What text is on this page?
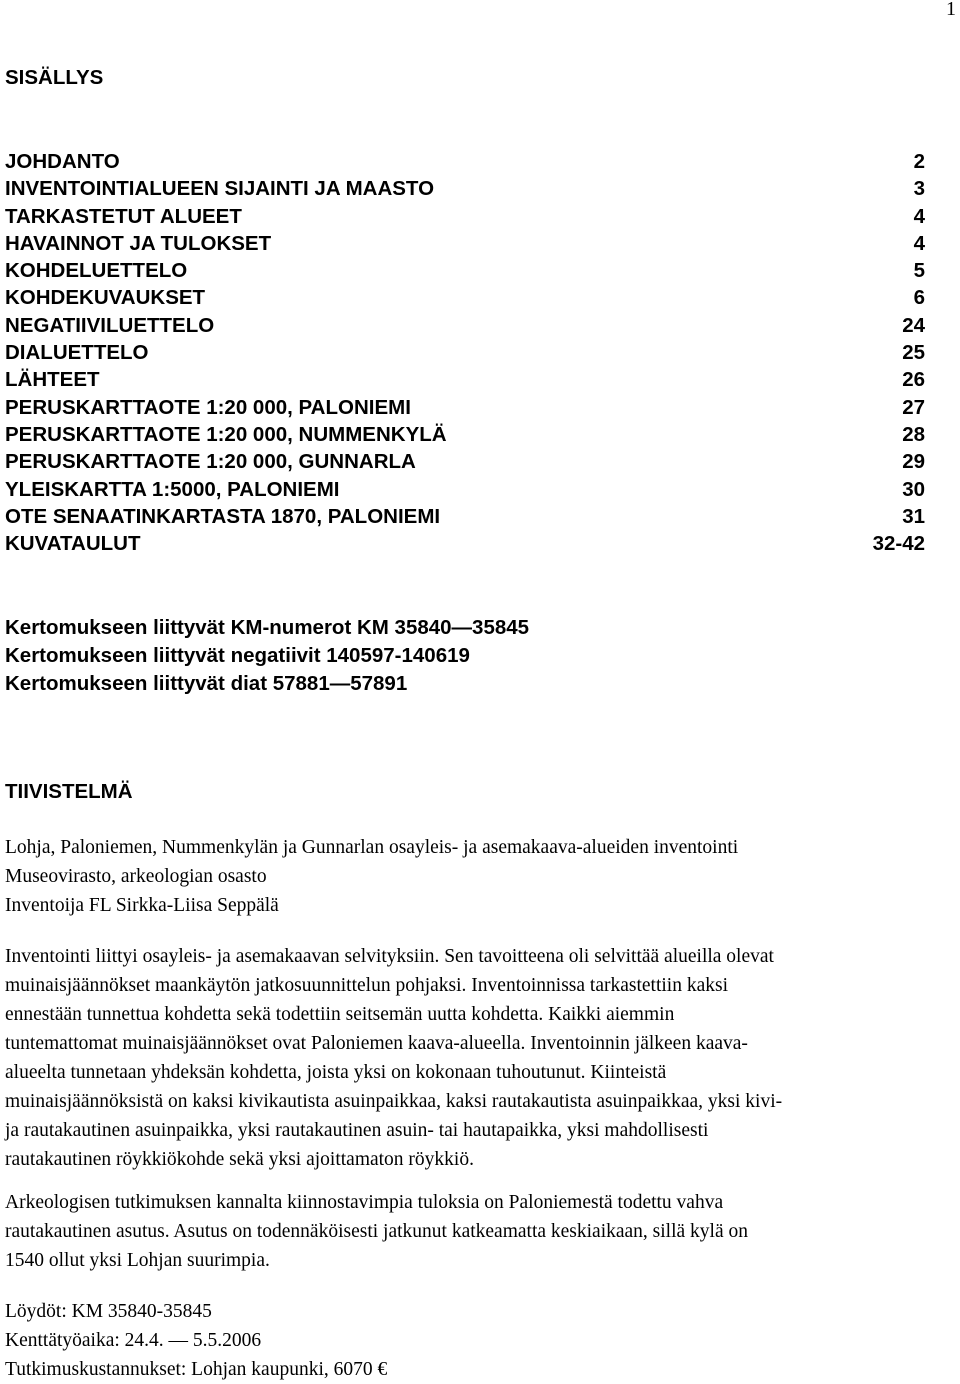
1
SISÄLLYS
JOHDANTO	2
INVENTOINTIALUEEN SIJAINTI JA MAASTO	3
TARKASTETUT ALUEET	4
HAVAINNOT JA TULOKSET	4
KOHDELUETTELO	5
KOHDEKUVAUKSET	6
NEGATIIVILUETTELO	24
DIALUETTELO	25
LÄHTEET	26
PERUSKARTTAOTE 1:20 000, PALONIEMI	27
PERUSKARTTAOTE 1:20 000, NUMMENKYLÄ	28
PERUSKARTTAOTE 1:20 000, GUNNARLA	29
YLEISKARTTA 1:5000, PALONIEMI	30
OTE SENAATINKARTASTA 1870, PALONIEMI	31
KUVATAULUT	32-42
Kertomukseen liittyvät KM-numerot KM 35840—35845
Kertomukseen liittyvät negatiivit 140597-140619
Kertomukseen liittyvät diat 57881—57891
TIIVISTELMÄ
Lohja, Paloniemen, Nummenkylän ja Gunnarlan osayleis- ja asemakaava-alueiden inventointi
Museovirasto, arkeologian osasto
Inventoija FL Sirkka-Liisa Seppälä
Inventointi liittyi osayleis- ja asemakaavan selvityksiin. Sen tavoitteena oli selvittää alueilla olevat
muinaisjäännökset maankäytön jatkosuunnittelun pohjaksi. Inventoinnissa tarkastettiin kaksi
ennestään tunnettua kohdetta sekä todettiin seitsemän uutta kohdetta. Kaikki aiemmin
tuntemattomat muinaisjäännökset ovat Paloniemen kaava-alueella. Inventoinnin jälkeen kaava-
alueelta tunnetaan yhdeksän kohdetta, joista yksi on kokonaan tuhoutunut. Kiinteistä
muinaisjäännöksistä on kaksi kivikautista asuinpaikkaa, kaksi rautakautista asuinpaikkaa, yksi kivi-
ja rautakautinen asuinpaikka, yksi rautakautinen asuin- tai hautapaikka, yksi mahdollisesti
rautakautinen röykkiökohde sekä yksi ajoittamaton röykkiö.
Arkeologisen tutkimuksen kannalta kiinnostavimpia tuloksia on Paloniemestä todettu vahva
rautakautinen asutus. Asutus on todennäköisesti jatkunut katkeamatta keskiaikaan, sillä kylä on
1540 ollut yksi Lohjan suurimpia.
Löydöt: KM 35840-35845
Kenttätyöaika: 24.4. — 5.5.2006
Tutkimuskustannukset: Lohjan kaupunki, 6070 €
